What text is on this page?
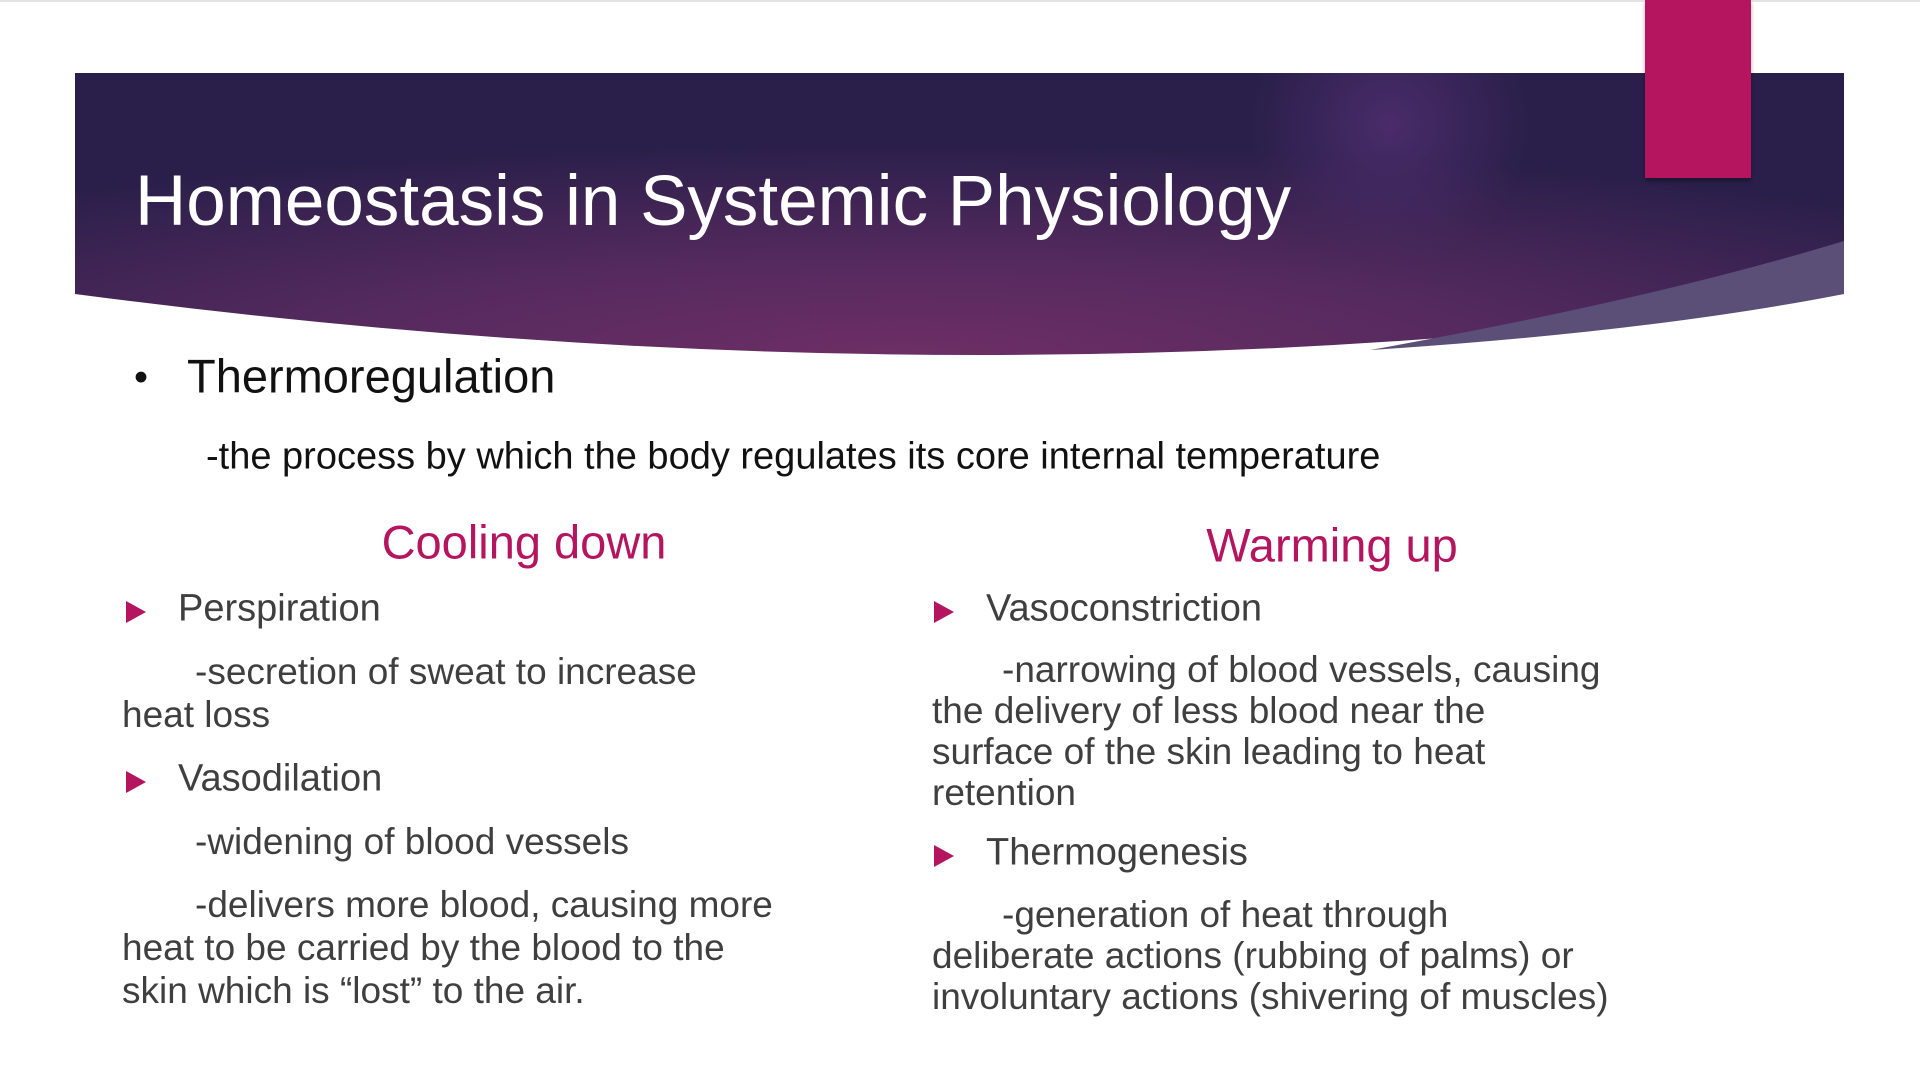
Homeostasis in Systemic Physiology
• Thermoregulation
-the process by which the body regulates its core internal temperature
Cooling down
Perspiration
-secretion of sweat to increase
heat loss
Vasodilation
-widening of blood vessels
-delivers more blood, causing more
heat to be carried by the blood to the
skin which is “lost” to the air.
Warming up
Vasoconstriction
-narrowing of blood vessels, causing
the delivery of less blood near the
surface of the skin leading to heat
retention
Thermogenesis
-generation of heat through
deliberate actions (rubbing of palms) or
involuntary actions (shivering of muscles)
